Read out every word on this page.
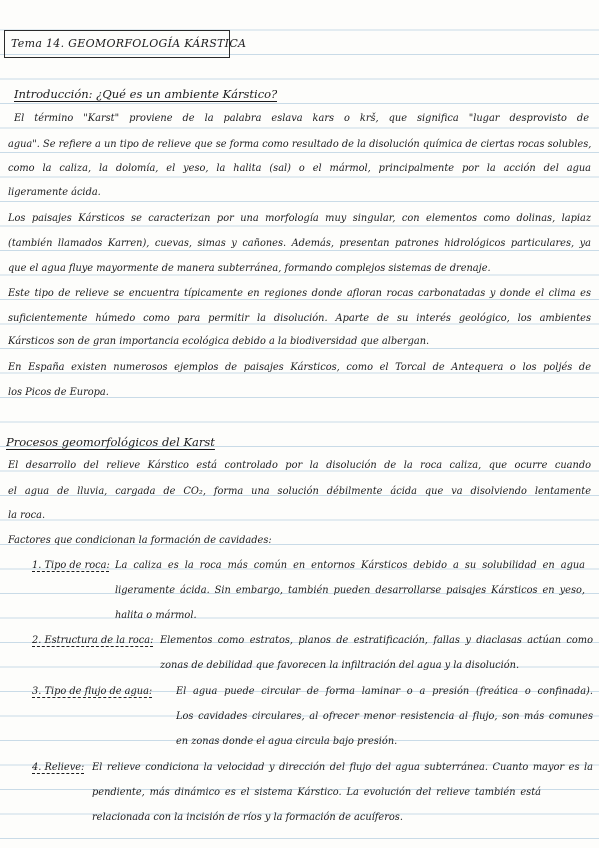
Tema 14. GEOMORFOLOGÍA KÁRSTICA
Introducción: ¿Qué es un ambiente Kárstico?
El término "Karst" proviene de la palabra eslava kars o krš, que significa "lugar desprovisto de
agua". Se refiere a un tipo de relieve que se forma como resultado de la disolución química de ciertas rocas solubles,
como la caliza, la dolomía, el yeso, la halita (sal) o el mármol, principalmente por la acción del agua
ligeramente ácida.
Los paisajes Kársticos se caracterizan por una morfología muy singular, con elementos como dolinas, lapiaz
(también llamados Karren), cuevas, simas y cañones. Además, presentan patrones hidrológicos particulares, ya
que el agua fluye mayormente de manera subterránea, formando complejos sistemas de drenaje.
Este tipo de relieve se encuentra típicamente en regiones donde afloran rocas carbonatadas y donde el clima es
suficientemente húmedo como para permitir la disolución. Aparte de su interés geológico, los ambientes
Kársticos son de gran importancia ecológica debido a la biodiversidad que albergan.
En España existen numerosos ejemplos de paisajes Kársticos, como el Torcal de Antequera o los poljés de
los Picos de Europa.
Procesos geomorfológicos del Karst
El desarrollo del relieve Kárstico está controlado por la disolución de la roca caliza, que ocurre cuando
el agua de lluvia, cargada de CO₂, forma una solución débilmente ácida que va disolviendo lentamente
la roca.
Factores que condicionan la formación de cavidades:
1. Tipo de roca: La caliza es la roca más común en entornos Kársticos debido a su solubilidad en agua
ligeramente ácida. Sin embargo, también pueden desarrollarse paisajes Kársticos en yeso,
halita o mármol.
2. Estructura de la roca: Elementos como estratos, planos de estratificación, fallas y diaclasas actúan como
zonas de debilidad que favorecen la infiltración del agua y la disolución.
3. Tipo de flujo de agua: El agua puede circular de forma laminar o a presión (freática o confinada).
Los cavidades circulares, al ofrecer menor resistencia al flujo, son más comunes
en zonas donde el agua circula bajo presión.
4. Relieve: El relieve condiciona la velocidad y dirección del flujo del agua subterránea. Cuanto mayor es la
pendiente, más dinámico es el sistema Kárstico. La evolución del relieve también está
relacionada con la incisión de ríos y la formación de acuíferos.
